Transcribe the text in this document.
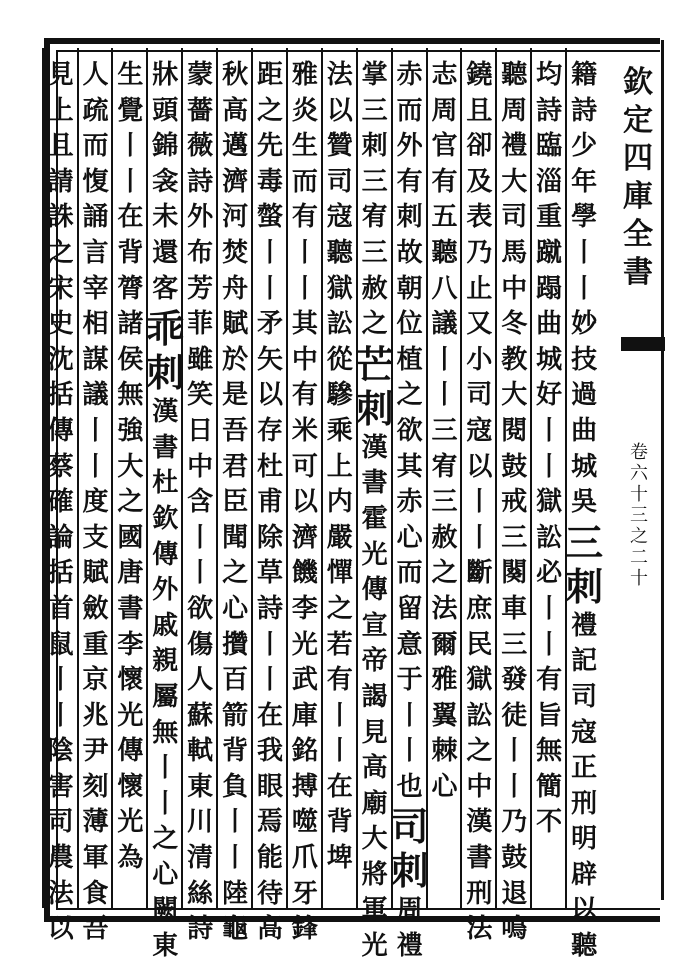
籍
詩
少
年
學
丨
丨
妙
技
過
曲
城
吳
三
刺
禮
記
司
寇
正
刑
明
辟
以
聽
均
詩
臨
淄
重
蹴
蹋
曲
城
好
丨
丨
獄
訟
必
丨
丨
有
旨
無
簡
不
聽
周
禮
大
司
馬
中
冬
教
大
閱
鼓
戒
三
闋
車
三
發
徒
丨
丨
乃
鼓
退
鳴
鐃
且
卻
及
表
乃
止
又
小
司
寇
以
丨
丨
斷
庶
民
獄
訟
之
中
漢
書
刑
法
志
周
官
有
五
聽
八
議
丨
丨
三
宥
三
赦
之
法
爾
雅
翼
棘
心
赤
而
外
有
刺
故
朝
位
植
之
欲
其
赤
心
而
留
意
于
丨
丨
也
司
刺
周
禮
掌
三
刺
三
宥
三
赦
之
芒
刺
漢
書
霍
光
傳
宣
帝
謁
見
高
廟
大
將
軍
光
法
以
贊
司
寇
聽
獄
訟
從
驂
乘
上
内
嚴
憚
之
若
有
丨
丨
在
背
埤
雅
炎
生
而
有
丨
丨
其
中
有
米
可
以
濟
饑
李
光
武
庫
銘
搏
噬
爪
牙
鋒
距
之
先
毒
螫
丨
丨
矛
矢
以
存
杜
甫
除
草
詩
丨
丨
在
我
眼
焉
能
待
高
秋
高
邁
濟
河
焚
舟
賦
於
是
吾
君
臣
聞
之
心
攢
百
箭
背
負
丨
丨
陸
龜
蒙
薔
薇
詩
外
布
芳
菲
雖
笑
日
中
含
丨
丨
欲
傷
人
蘇
軾
東
川
清
絲
詩
牀
頭
錦
衾
未
還
客
乖
刺
漢
書
杜
欽
傳
外
戚
親
屬
無
丨
丨
之
心
闕
東
生
覺
丨
丨
在
背
膂
諸
侯
無
強
大
之
國
唐
書
李
懷
光
傳
懷
光
為
人
疏
而
愎
誦
言
宰
相
謀
議
丨
丨
度
支
賦
斂
重
京
兆
尹
刻
薄
軍
食
吾
見
上
且
請
誅
之
宋
史
沈
括
傳
蔡
確
論
括
首
鼠
丨
丨
陰
害
司
農
法
以
欽
定
四
庫
全
書
卷
六
十
三
之
二
十
